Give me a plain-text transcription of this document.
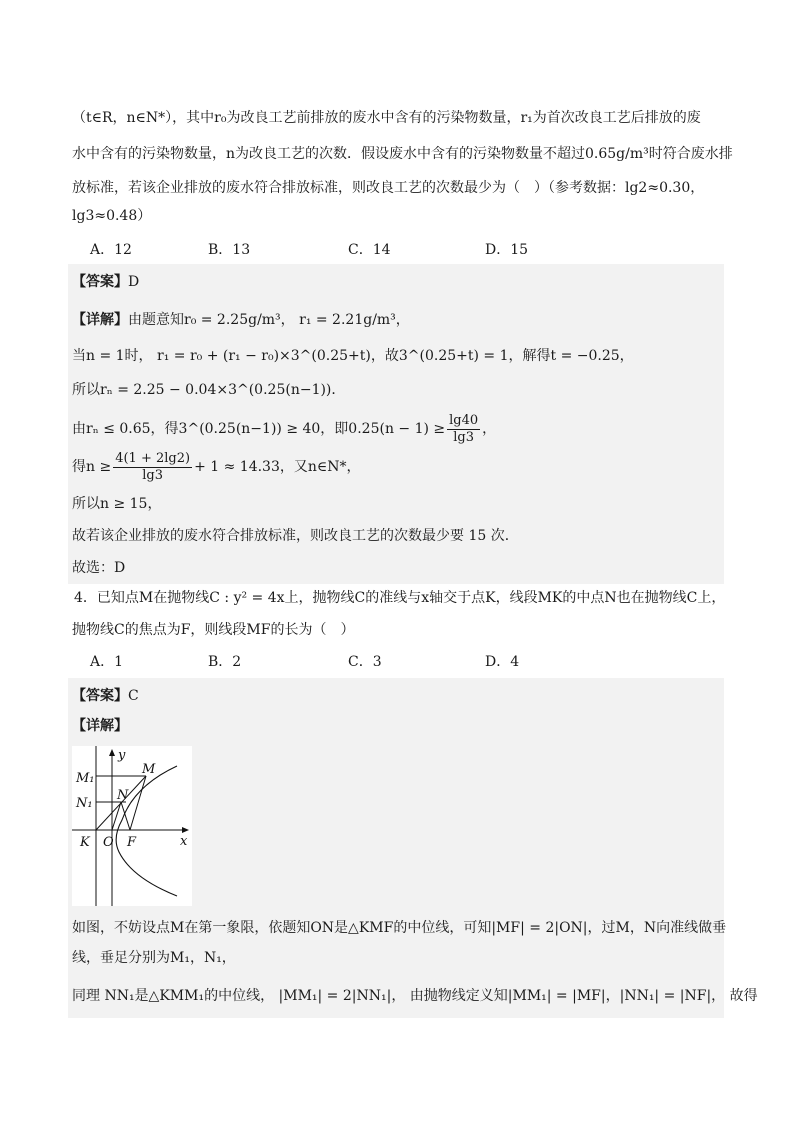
（t∈R，n∈N*），其中r₀为改良工艺前排放的废水中含有的污染物数量，r₁为首次改良工艺后排放的废
水中含有的污染物数量，n为改良工艺的次数．假设废水中含有的污染物数量不超过0.65g/m³时符合废水排
放标准，若该企业排放的废水符合排放标准，则改良工艺的次数最少为（　）（参考数据：lg2≈0.30，
lg3≈0.48）
A．12	B．13	C．14	D．15
【答案】D
【详解】由题意知r₀ = 2.25g/m³， r₁ = 2.21g/m³，
当n = 1时， r₁ = r₀ + (r₁ − r₀)×3^(0.25+t)，故3^(0.25+t) = 1，解得t = −0.25，
所以rₙ = 2.25 − 0.04×3^(0.25(n−1))．
由rₙ ≤ 0.65，得3^(0.25(n−1)) ≥ 40，即$0.25(n - 1) \ge \frac{\lg 40}{\lg 3}$ ，
得$n \ge \frac{4(1 + 2\lg 2)}{\lg 3} + 1 \approx 14.33$，又n∈N*，
所以n ≥ 15，
故若该企业排放的废水符合排放标准，则改良工艺的次数最少要 15 次．
故选：D
4．已知点M在抛物线C : y² = 4x上，抛物线C的准线与x轴交于点K，线段MK的中点N也在抛物线C上，
抛物线C的焦点为F，则线段MF的长为（　）
A．1	B．2	C．3	D．4
【答案】C
【详解】
y
M₁
N₁
M
N
K O F	x
如图，不妨设点M在第一象限，依题知ON是△KMF的中位线，可知|MF| = 2|ON|，过M，N向准线做垂
线，垂足分别为M₁，N₁，
同理 NN₁是△KMM₁的中位线， |MM₁| = 2|NN₁|， 由抛物线定义知|MM₁| = |MF|，|NN₁| = |NF|， 故得
